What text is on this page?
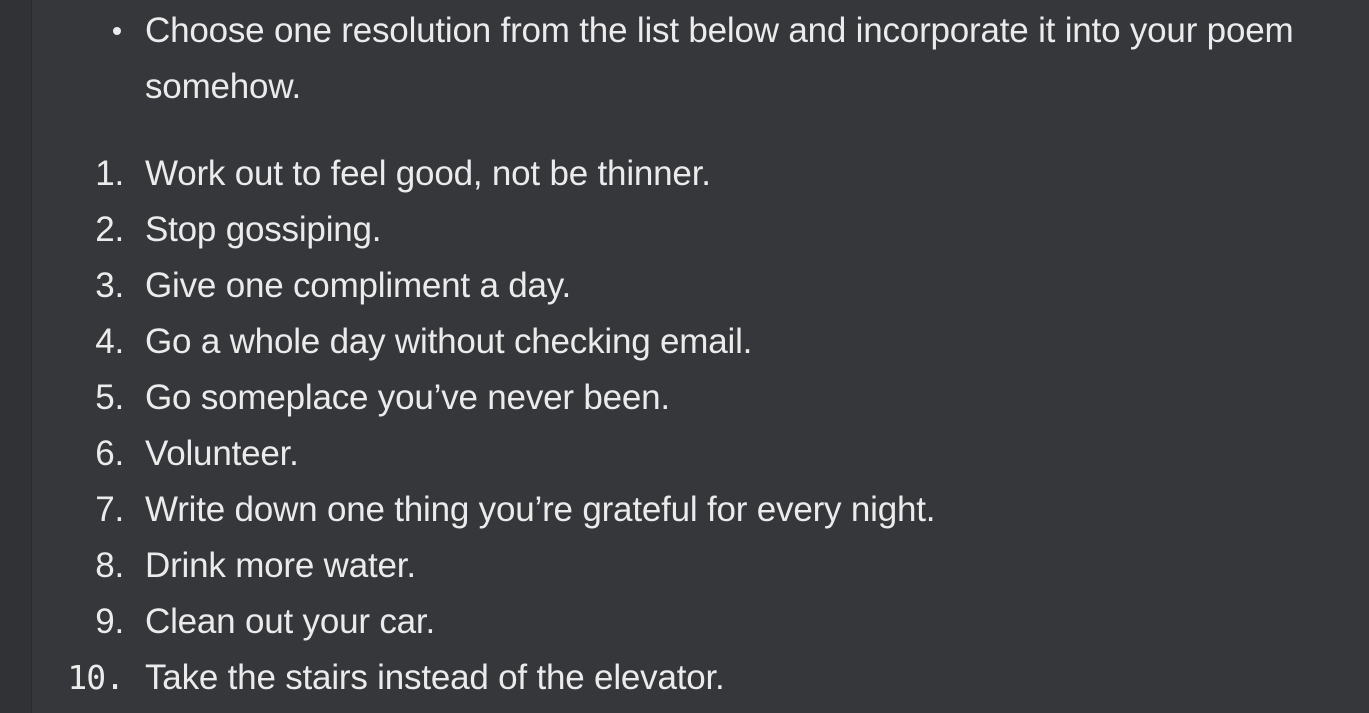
Choose one resolution from the list below and incorporate it into your poem somehow.

1. Work out to feel good, not be thinner.
2. Stop gossiping.
3. Give one compliment a day.
4. Go a whole day without checking email.
5. Go someplace you’ve never been.
6. Volunteer.
7. Write down one thing you’re grateful for every night.
8. Drink more water.
9. Clean out your car.
10. Take the stairs instead of the elevator.
